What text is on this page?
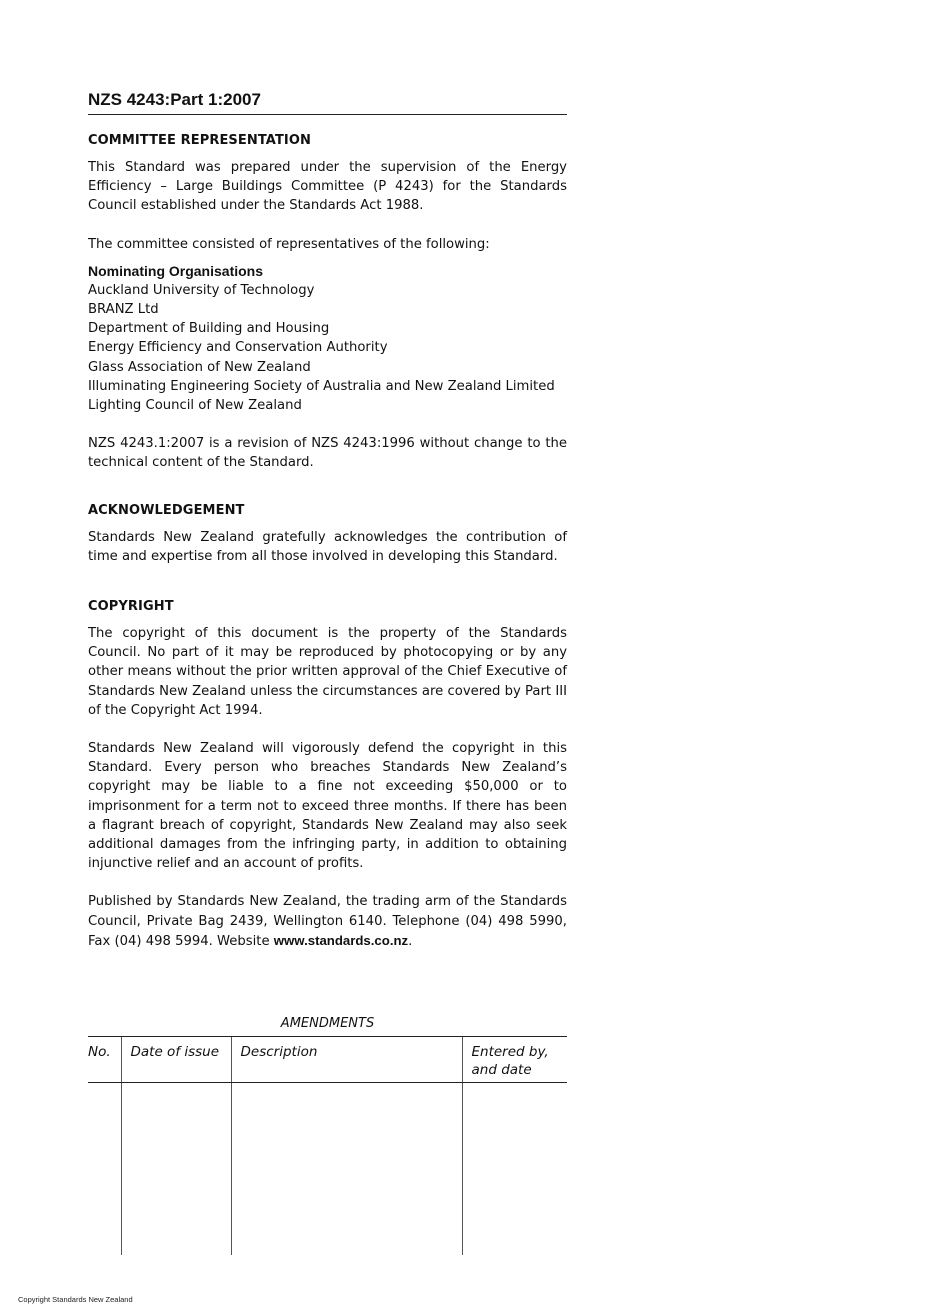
NZS 4243:Part 1:2007
COMMITTEE REPRESENTATION

This Standard was prepared under the supervision of the Energy Efficiency – Large Buildings Committee (P 4243) for the Standards Council established under the Standards Act 1988.

The committee consisted of representatives of the following:

Nominating Organisations
Auckland University of Technology
BRANZ Ltd
Department of Building and Housing
Energy Efficiency and Conservation Authority
Glass Association of New Zealand
Illuminating Engineering Society of Australia and New Zealand Limited
Lighting Council of New Zealand

NZS 4243.1:2007 is a revision of NZS 4243:1996 without change to the technical content of the Standard.

ACKNOWLEDGEMENT

Standards New Zealand gratefully acknowledges the contribution of time and expertise from all those involved in developing this Standard.

COPYRIGHT

The copyright of this document is the property of the Standards Council. No part of it may be reproduced by photocopying or by any other means without the prior written approval of the Chief Executive of Standards New Zealand unless the circumstances are covered by Part III of the Copyright Act 1994.

Standards New Zealand will vigorously defend the copyright in this Standard. Every person who breaches Standards New Zealand’s copyright may be liable to a fine not exceeding $50,000 or to imprisonment for a term not to exceed three months. If there has been a flagrant breach of copyright, Standards New Zealand may also seek additional damages from the infringing party, in addition to obtaining injunctive relief and an account of profits.

Published by Standards New Zealand, the trading arm of the Standards Council, Private Bag 2439, Wellington 6140. Telephone (04) 498 5990, Fax (04) 498 5994. Website www.standards.co.nz.

AMENDMENTS
No.	Date of issue	Description	Entered by,
and date

Copyright Standards New Zealand
